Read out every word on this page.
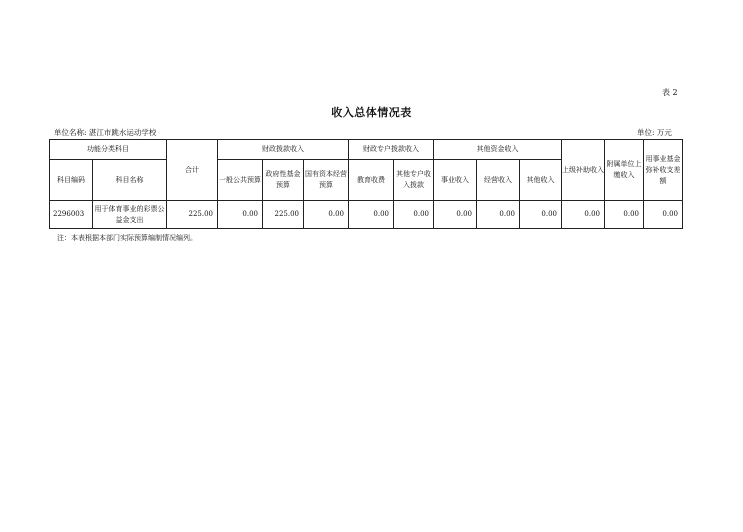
表 2
收入总体情况表
单位名称: 湛江市跳水运动学校	单位: 万元
功能分类科目		合计	财政拨款收入			财政专户拨款收入		其他资金收入			上级补助收入	附属单位上缴收入	用事业基金弥补收支差额
科目编码	科目名称		一般公共预算	政府性基金预算	国有资本经营预算	教育收费	其他专户收入拨款	事业收入	经营收入	其他收入			
2296003	用于体育事业的彩票公益金支出	225.00	0.00	225.00	0.00	0.00	0.00	0.00	0.00	0.00	0.00	0.00	0.00
注：本表根据本部门实际预算编制情况编列。
